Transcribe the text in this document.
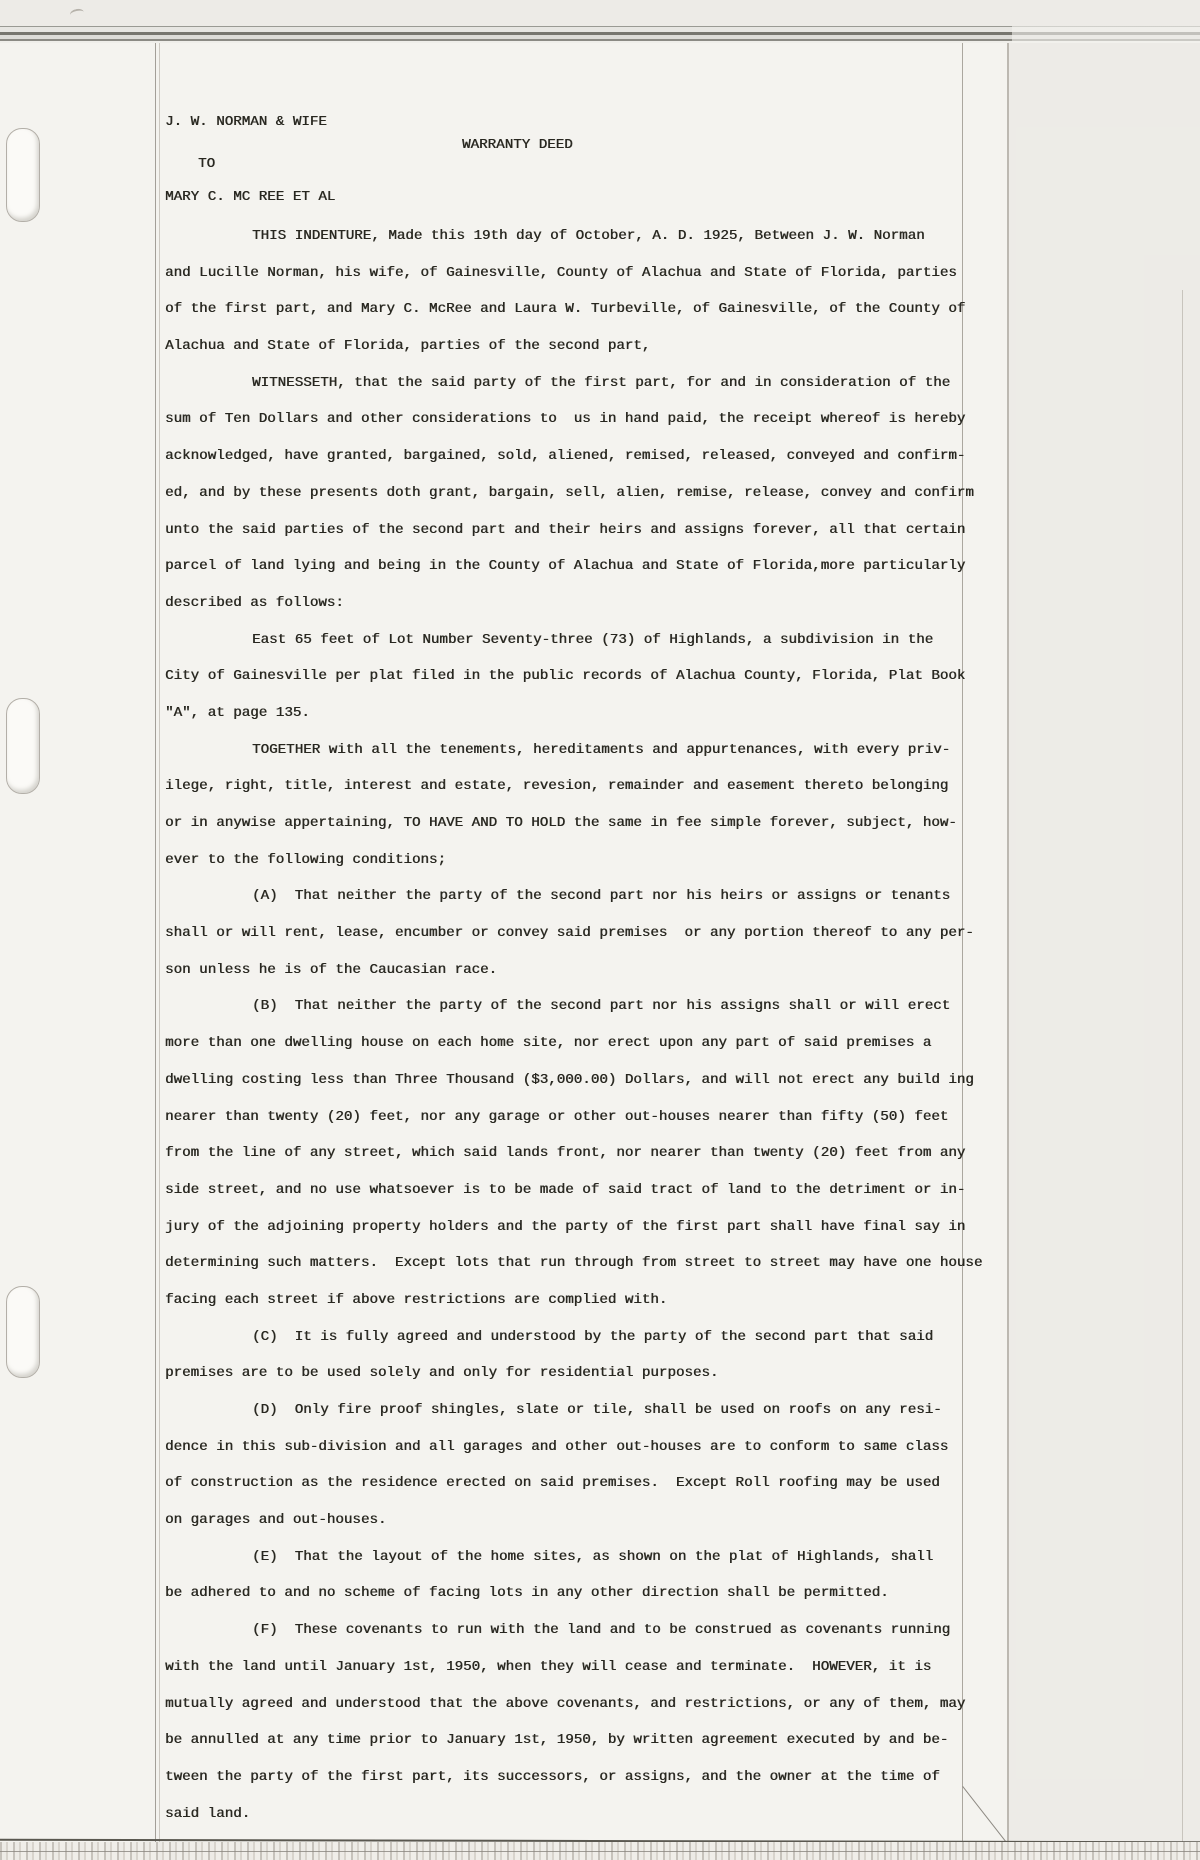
J. W. NORMAN & WIFE
WARRANTY DEED
TO
MARY C. MC REE ET AL
THIS INDENTURE, Made this 19th day of October, A. D. 1925, Between J. W. Norman
and Lucille Norman, his wife, of Gainesville, County of Alachua and State of Florida, parties
of the first part, and Mary C. McRee and Laura W. Turbeville, of Gainesville, of the County of
Alachua and State of Florida, parties of the second part,
WITNESSETH, that the said party of the first part, for and in consideration of the
sum of Ten Dollars and other considerations to  us in hand paid, the receipt whereof is hereby
acknowledged, have granted, bargained, sold, aliened, remised, released, conveyed and confirm-
ed, and by these presents doth grant, bargain, sell, alien, remise, release, convey and confirm
unto the said parties of the second part and their heirs and assigns forever, all that certain
parcel of land lying and being in the County of Alachua and State of Florida,more particularly
described as follows:
East 65 feet of Lot Number Seventy-three (73) of Highlands, a subdivision in the
City of Gainesville per plat filed in the public records of Alachua County, Florida, Plat Book
"A", at page 135.
TOGETHER with all the tenements, hereditaments and appurtenances, with every priv-
ilege, right, title, interest and estate, revesion, remainder and easement thereto belonging
or in anywise appertaining, TO HAVE AND TO HOLD the same in fee simple forever, subject, how-
ever to the following conditions;
(A)  That neither the party of the second part nor his heirs or assigns or tenants
shall or will rent, lease, encumber or convey said premises  or any portion thereof to any per-
son unless he is of the Caucasian race.
(B)  That neither the party of the second part nor his assigns shall or will erect
more than one dwelling house on each home site, nor erect upon any part of said premises a
dwelling costing less than Three Thousand ($3,000.00) Dollars, and will not erect any build ing
nearer than twenty (20) feet, nor any garage or other out-houses nearer than fifty (50) feet
from the line of any street, which said lands front, nor nearer than twenty (20) feet from any
side street, and no use whatsoever is to be made of said tract of land to the detriment or in-
jury of the adjoining property holders and the party of the first part shall have final say in
determining such matters.  Except lots that run through from street to street may have one house
facing each street if above restrictions are complied with.
(C)  It is fully agreed and understood by the party of the second part that said
premises are to be used solely and only for residential purposes.
(D)  Only fire proof shingles, slate or tile, shall be used on roofs on any resi-
dence in this sub-division and all garages and other out-houses are to conform to same class
of construction as the residence erected on said premises.  Except Roll roofing may be used
on garages and out-houses.
(E)  That the layout of the home sites, as shown on the plat of Highlands, shall
be adhered to and no scheme of facing lots in any other direction shall be permitted.
(F)  These covenants to run with the land and to be construed as covenants running
with the land until January 1st, 1950, when they will cease and terminate.  HOWEVER, it is
mutually agreed and understood that the above covenants, and restrictions, or any of them, may
be annulled at any time prior to January 1st, 1950, by written agreement executed by and be-
tween the party of the first part, its successors, or assigns, and the owner at the time of
said land.
